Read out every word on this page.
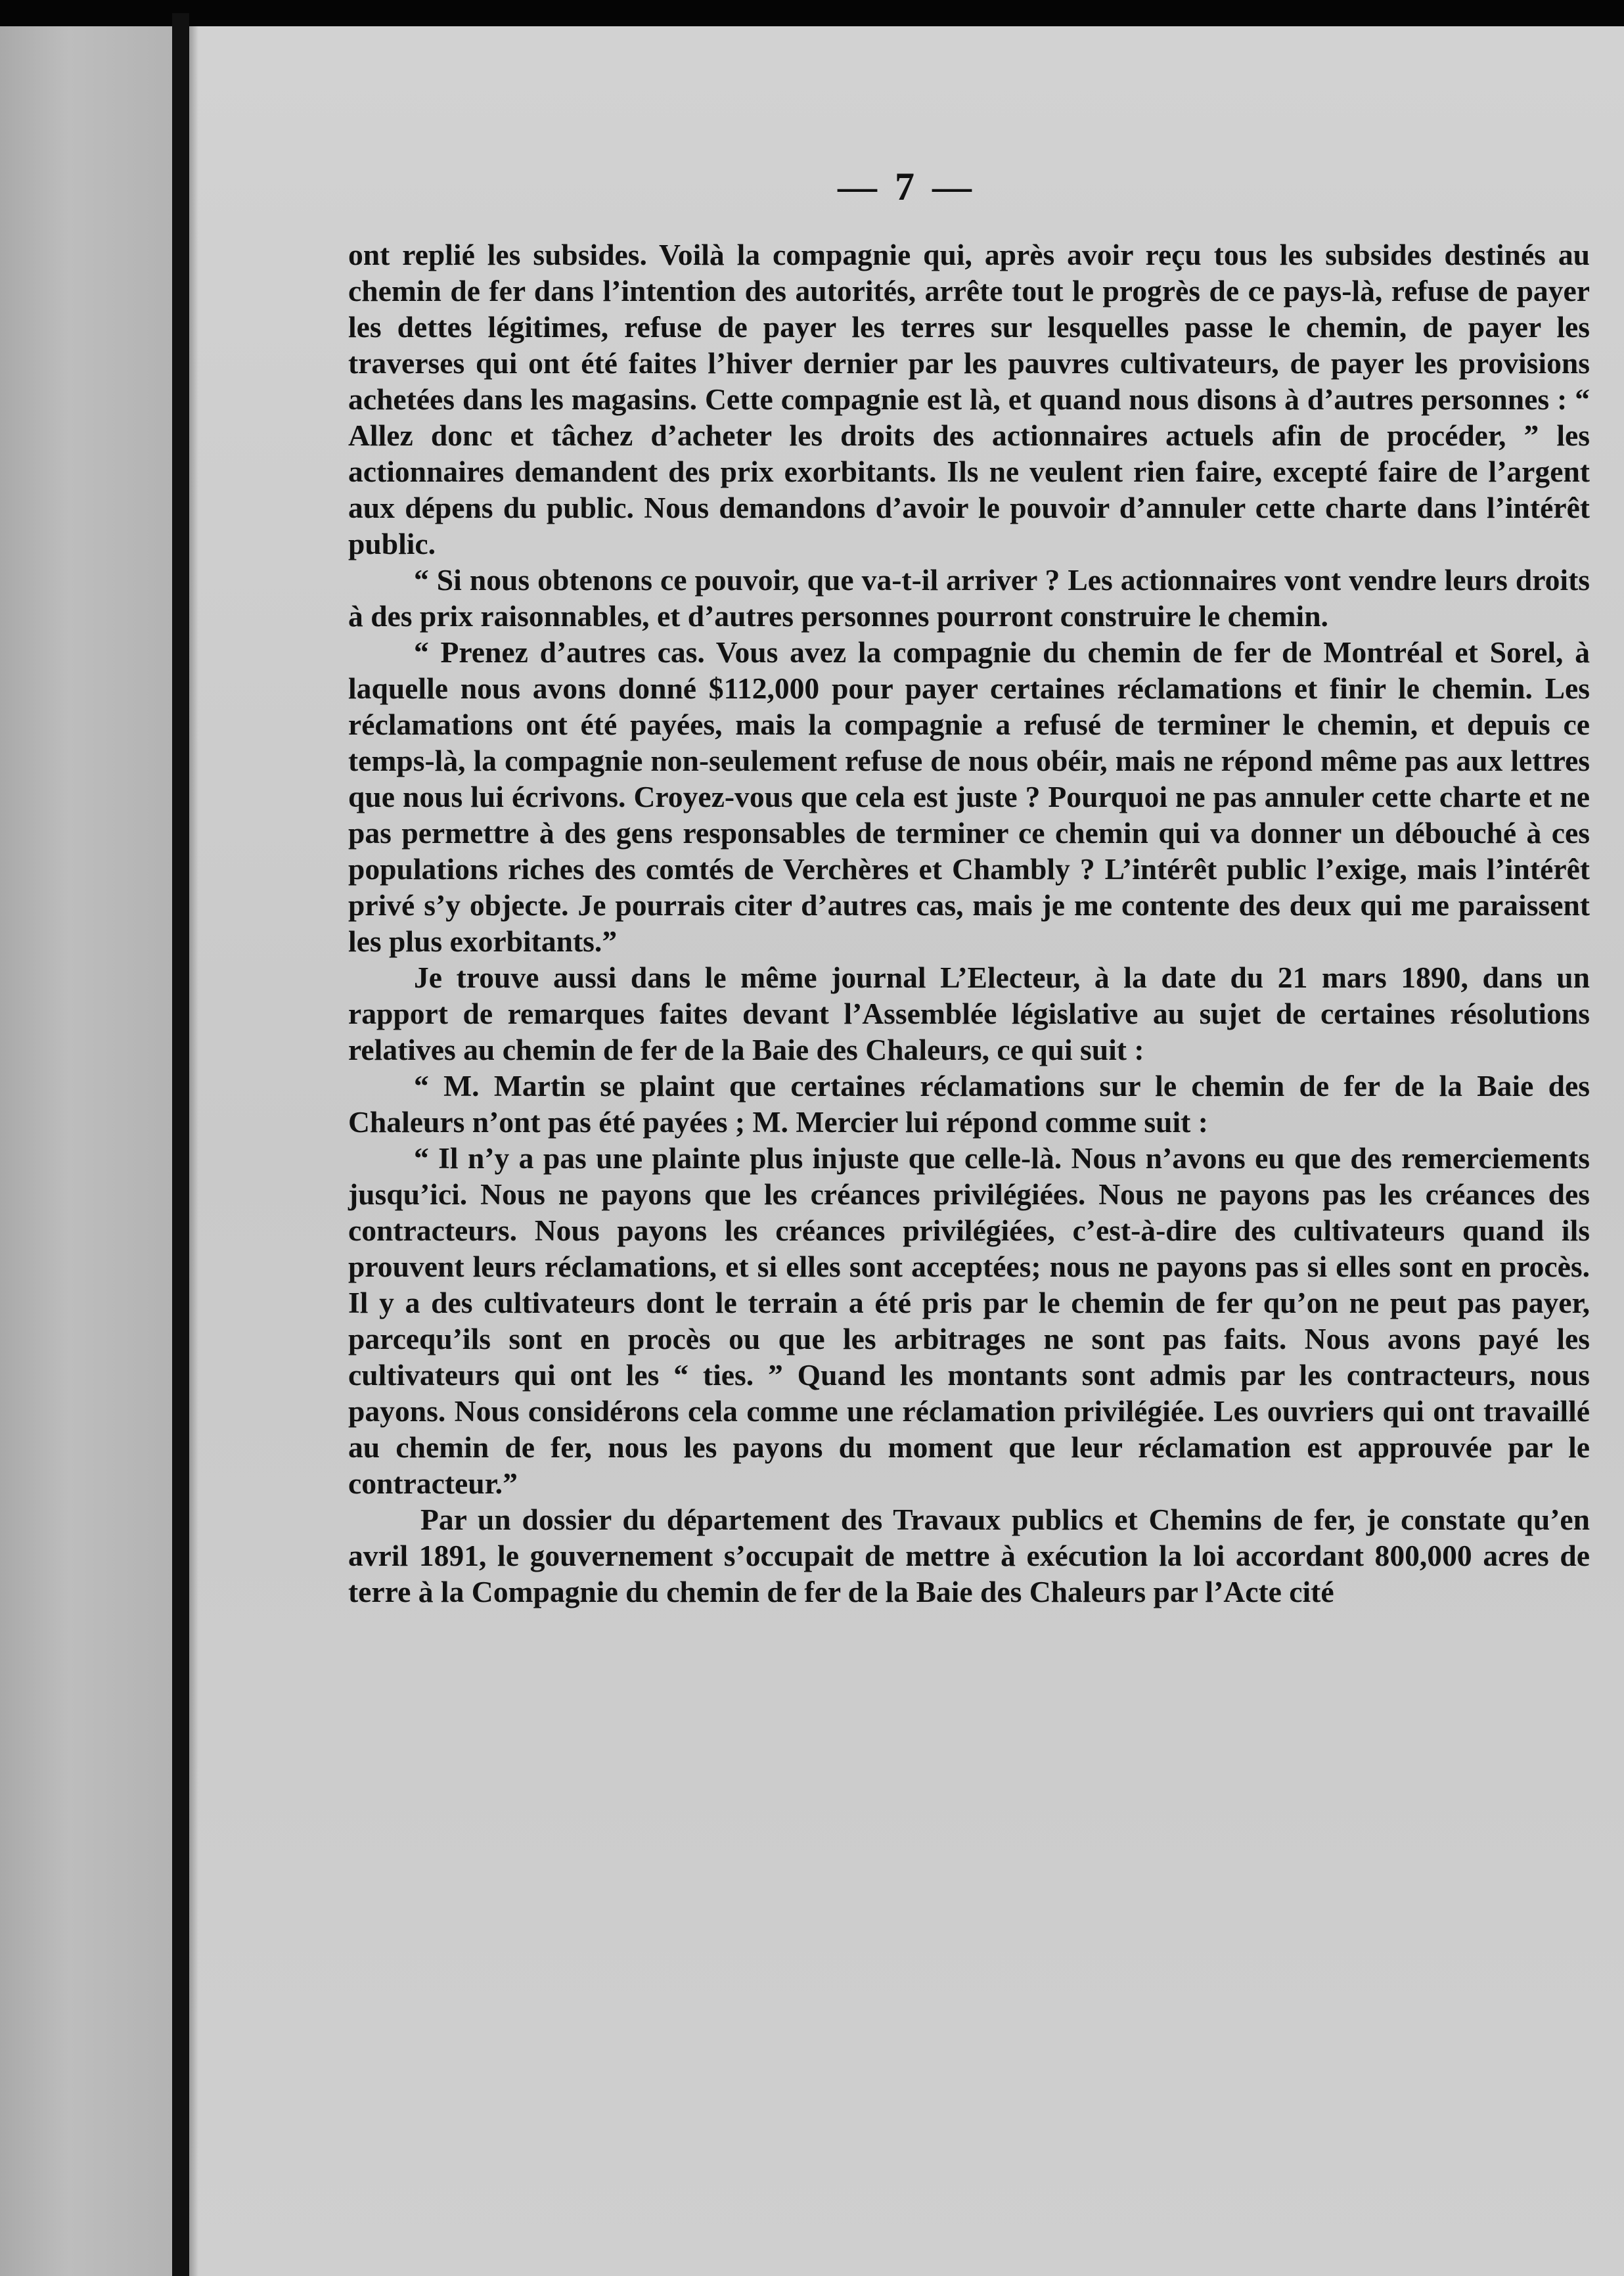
— 7 —

ont replié les subsides. Voilà la compagnie qui, après avoir reçu tous les subsides destinés au chemin de fer dans l’intention des autorités, arrête tout le progrès de ce pays-là, refuse de payer les dettes légitimes, refuse de payer les terres sur lesquelles passe le chemin, de payer les traverses qui ont été faites l’hiver dernier par les pauvres cultivateurs, de payer les provisions achetées dans les magasins. Cette compagnie est là, et quand nous disons à d’autres personnes : “ Allez donc et tâchez d’acheter les droits des actionnaires actuels afin de procéder, ” les actionnaires demandent des prix exorbitants. Ils ne veulent rien faire, excepté faire de l’argent aux dépens du public. Nous demandons d’avoir le pouvoir d’annuler cette charte dans l’intérêt public.

“ Si nous obtenons ce pouvoir, que va-t-il arriver ? Les actionnaires vont vendre leurs droits à des prix raisonnables, et d’autres personnes pourront construire le chemin.

“ Prenez d’autres cas. Vous avez la compagnie du chemin de fer de Montréal et Sorel, à laquelle nous avons donné $112,000 pour payer certaines réclamations et finir le chemin. Les réclamations ont été payées, mais la compagnie a refusé de terminer le chemin, et depuis ce temps-là, la compagnie non-seulement refuse de nous obéir, mais ne répond même pas aux lettres que nous lui écrivons. Croyez-vous que cela est juste ? Pourquoi ne pas annuler cette charte et ne pas permettre à des gens responsables de terminer ce chemin qui va donner un débouché à ces populations riches des comtés de Verchères et Chambly ? L’intérêt public l’exige, mais l’intérêt privé s’y objecte. Je pourrais citer d’autres cas, mais je me contente des deux qui me paraissent les plus exorbitants.”

Je trouve aussi dans le même journal L’Electeur, à la date du 21 mars 1890, dans un rapport de remarques faites devant l’Assemblée législative au sujet de certaines résolutions relatives au chemin de fer de la Baie des Chaleurs, ce qui suit :

“ M. Martin se plaint que certaines réclamations sur le chemin de fer de la Baie des Chaleurs n’ont pas été payées ; M. Mercier lui répond comme suit :

“ Il n’y a pas une plainte plus injuste que celle-là. Nous n’avons eu que des remerciements jusqu’ici. Nous ne payons que les créances privilégiées. Nous ne payons pas les créances des contracteurs. Nous payons les créances privilégiées, c’est-à-dire des cultivateurs quand ils prouvent leurs réclamations, et si elles sont acceptées; nous ne payons pas si elles sont en procès. Il y a des cultivateurs dont le terrain a été pris par le chemin de fer qu’on ne peut pas payer, parcequ’ils sont en procès ou que les arbitrages ne sont pas faits. Nous avons payé les cultivateurs qui ont les “ ties. ” Quand les montants sont admis par les contracteurs, nous payons. Nous considérons cela comme une réclamation privilégiée. Les ouvriers qui ont travaillé au chemin de fer, nous les payons du moment que leur réclamation est approuvée par le contracteur.”

Par un dossier du département des Travaux publics et Chemins de fer, je constate qu’en avril 1891, le gouvernement s’occupait de mettre à exécution la loi accordant 800,000 acres de terre à la Compagnie du chemin de fer de la Baie des Chaleurs par l’Acte cité
